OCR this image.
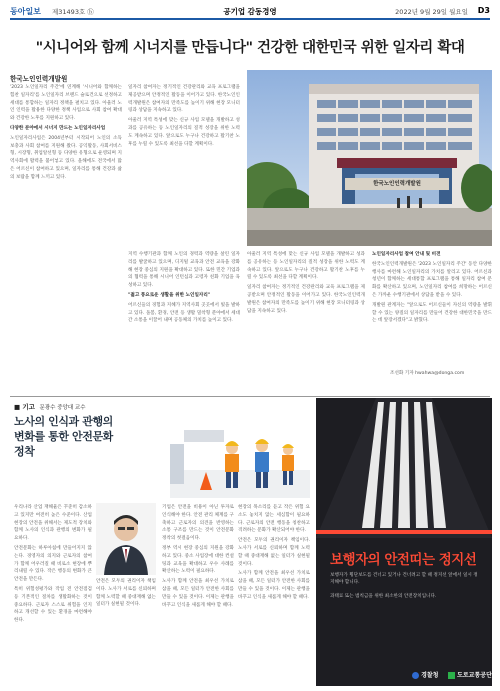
동아일보 제31493호 ⓑ	공기업 감동경영	2022년 9월 29일 월요일 D3
"시니어와 함께 시너지를 만듭니다" 건강한 대한민국 위한 일자리 확대
한국노인인력개발원

'2023 노인일자리 주간'에 연계해 '시니어와 함께하는 힘찬 일자리'를 노인일자리 브랜드 슬로건으로 선정하고 세대를 통합하는 일자리 정책을 펼치고 있다. 아울러 노인 인력을 활용한 다양한 정책 사업으로 사회 참여 확대와 건강한 노후를 지원하고 있다.

다양한 분야에서 시너지 만드는 노인일자리사업

노인일자리사업은 2004년부터 시작되어 노인의 소득 보충과 사회 참여를 지원해 왔다. 공익활동, 사회서비스형, 시장형, 취업알선형 등 다양한 유형으로 운영되며 지역사회에 활력을 불어넣고 있다. 올해에도 전국에서 많은 어르신이 참여하고 있으며, 일자리를 통해 건강과 삶의 보람을 함께 느끼고 있다.

지역 수행기관과 함께 노인의 경력과 역량을 살린 일자리를 발굴하고 있으며, 디지털 교육과 안전 교육을 강화해 현장 중심의 지원을 확대하고 있다. 또한 민간 기업과의 협력을 통해 시니어 인턴십과 고령자 친화 기업을 육성하고 있다.

"젊고 풍요로운 생활을 위한 노인일자리"

어르신들의 경험과 지혜가 지역사회 곳곳에서 빛을 발하고 있다. 돌봄, 환경, 안전 등 생활 밀착형 분야에서 세대 간 소통을 이끌어 내며 공동체의 가치를 높이고 있다.

일자리 참여자는 정기적인 건강관리와 교육 프로그램을 제공받으며 안정적인 활동을 이어가고 있다. 한국노인인력개발원은 참여자의 만족도를 높이기 위해 현장 모니터링과 상담을 지속하고 있다.

아울러 지역 특성에 맞는 신규 사업 모델을 개발하고 성과를 공유하는 등 노인일자리의 질적 성장을 위한 노력도 계속하고 있다. 앞으로도 누구나 건강하고 활기찬 노후를 누릴 수 있도록 최선을 다할 계획이다.

아울러 지역 특성에 맞는 신규 사업 모델을 개발하고 성과를 공유하는 등 노인일자리의 질적 성장을 위한 노력도 계속하고 있다. 앞으로도 누구나 건강하고 활기찬 노후를 누릴 수 있도록 최선을 다할 계획이다.

일자리 참여자는 정기적인 건강관리와 교육 프로그램을 제공받으며 안정적인 활동을 이어가고 있다. 한국노인인력개발원은 참여자의 만족도를 높이기 위해 현장 모니터링과 상담을 지속하고 있다.

노인일자리사업 참여 안내 및 비전

한국노인인력개발원은 '2023 노인일자리 주간' 동안 다양한 행사를 마련해 노인일자리의 가치를 알리고 있다. 어르신과 청년이 함께하는 세대통합 프로그램을 통해 일자리 참여 문화를 확산하고 있으며, 노인일자리 참여를 희망하는 어르신은 가까운 수행기관에서 상담을 받을 수 있다.

개발원 관계자는 "앞으로도 어르신들이 자신의 역량을 발휘할 수 있는 양질의 일자리를 만들어 건강한 대한민국을 만드는 데 앞장서겠다"고 밝혔다.

조선화 기자 hwahwa@donga.com
한국노인인력개발원
■ 기고 문광수 중앙대 교수
노사의 인식과 관행의 변화를 통한 안전문화 정착

우리나라 산업 재해율은 꾸준히 감소하고 있지만 여전히 높은 수준이다. 산업 현장의 안전을 위해서는 제도적 장치와 함께 노사의 인식과 관행의 변화가 필요하다.

안전문화는 하루아침에 만들어지지 않는다. 경영자의 의지와 근로자의 참여가 함께 어우러질 때 비로소 현장에 뿌리내릴 수 있다. 작은 행동의 변화가 큰 안전을 만든다.

특히 위험성평가와 작업 전 안전점검 등 기본적인 절차를 생활화하는 것이 중요하다. 근로자 스스로 위험을 인지하고 개선할 수 있는 환경을 마련해야 한다.

안전은 모두의 권리이자 책임이다. 노사가 서로를 신뢰하며 함께 노력할 때 중대재해 없는 일터가 실현될 것이다.

기업은 안전을 비용이 아닌 투자로 인식해야 한다. 안전 관리 체계를 구축하고 근로자의 의견을 반영하는 소통 구조를 만드는 것이 안전문화 정착의 첫걸음이다.

정부 역시 현장 중심의 지원을 강화하고 있다. 중소 사업장에 대한 컨설팅과 교육을 확대하고 우수 사례를 확산하는 노력이 필요하다.

노사가 함께 안전을 최우선 가치로 삼을 때, 모든 일터가 안전한 사회를 만들 수 있을 것이다. 이제는 관행을 바꾸고 인식을 새롭게 해야 할 때다.

현장의 목소리를 듣고 작은 위험 요소도 놓치지 않는 세심함이 필요하다. 근로자의 안전 행동을 칭찬하고 격려하는 문화가 확산되어야 한다.

안전은 모두의 권리이자 책임이다. 노사가 서로를 신뢰하며 함께 노력할 때 중대재해 없는 일터가 실현될 것이다.

노사가 함께 안전을 최우선 가치로 삼을 때, 모든 일터가 안전한 사회를 만들 수 있을 것이다. 이제는 관행을 바꾸고 인식을 새롭게 해야 할 때다.

보행자의 안전띠는 정지선
보행자가 횡단보도를 건너고 있거나 건너려고 할 때 정지선 앞에서 일시 정지해야 합니다.
과태료 또는 범칙금을 위한 최소한의 안전장치입니다.
경찰청	도로교통공단
